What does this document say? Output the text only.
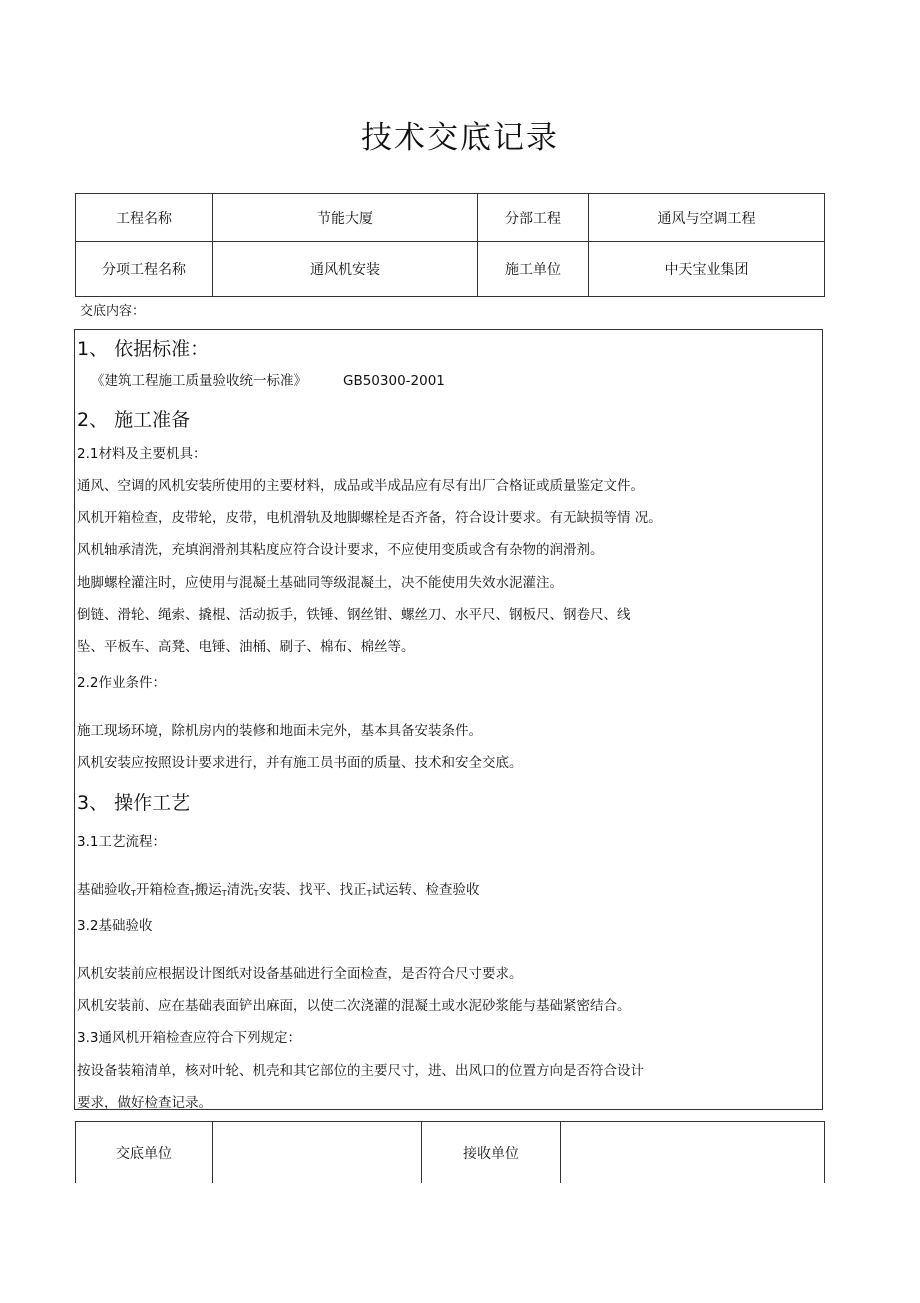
技术交底记录
工程名称	节能大厦	分部工程	通风与空调工程
分项工程名称	通风机安装	施工单位	中天宝业集团
交底内容：
1、 依据标准：
《建筑工程施工质量验收统一标准》	GB50300-2001
2、 施工准备
2.1材料及主要机具：
通风、空调的风机安装所使用的主要材料，成品或半成品应有尽有出厂合格证或质量鉴定文件。
风机开箱检查，皮带轮，皮带，电机滑轨及地脚螺栓是否齐备，符合设计要求。有无缺损等情 况。
风机轴承清洗，充填润滑剂其粘度应符合设计要求，不应使用变质或含有杂物的润滑剂。
地脚螺栓灌注时，应使用与混凝土基础同等级混凝土，决不能使用失效水泥灌注。
倒链、滑轮、绳索、撬棍、活动扳手，铁锤、钢丝钳、螺丝刀、水平尺、钢板尺、钢卷尺、线
坠、平板车、高凳、电锤、油桶、刷子、棉布、棉丝等。
2.2作业条件：
施工现场环境，除机房内的装修和地面未完外，基本具备安装条件。
风机安装应按照设计要求进行，并有施工员书面的质量、技术和安全交底。
3、 操作工艺
3.1工艺流程：
基础验收$_T$开箱检查$_T$搬运$_T$清洗$_T$安装、找平、找正$_T$试运转、检查验收
3.2基础验收
风机安装前应根据设计图纸对设备基础进行全面检查，是否符合尺寸要求。
风机安装前、应在基础表面铲出麻面，以使二次浇灌的混凝土或水泥砂浆能与基础紧密结合。
3.3通风机开箱检查应符合下列规定：
按设备装箱清单，核对叶轮、机壳和其它部位的主要尺寸，进、出风口的位置方向是否符合设计
要求，做好检查记录。
交底单位		接收单位	
